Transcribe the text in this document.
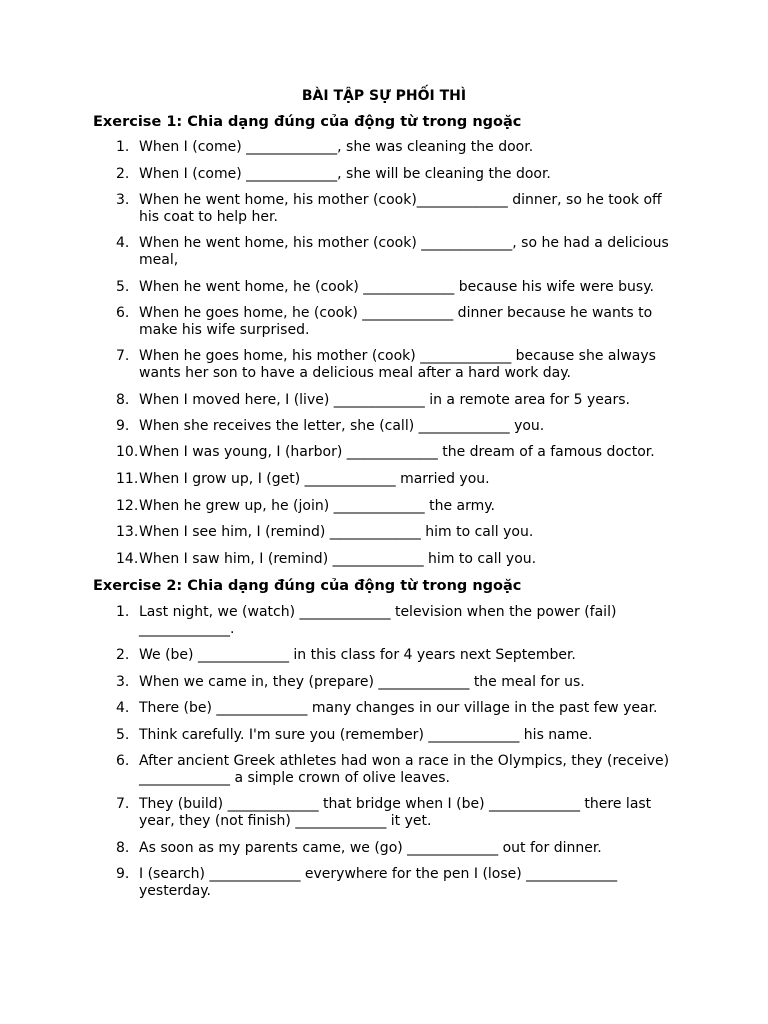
BÀI TẬP SỰ PHỐI THÌ
Exercise 1: Chia dạng đúng của động từ trong ngoặc
1. When I (come) _____________, she was cleaning the door.
2. When I (come) _____________, she will be cleaning the door.
3. When he went home, his mother (cook)_____________ dinner, so he took off his coat to help her.
4. When he went home, his mother (cook) _____________, so he had a delicious meal,
5. When he went home, he (cook) _____________ because his wife were busy.
6. When he goes home, he (cook) _____________ dinner because he wants to make his wife surprised.
7. When he goes home, his mother (cook) _____________ because she always wants her son to have a delicious meal after a hard work day.
8. When I moved here, I (live) _____________ in a remote area for 5 years.
9. When she receives the letter, she (call) _____________ you.
10. When I was young, I (harbor) _____________ the dream of a famous doctor.
11. When I grow up, I (get) _____________ married you.
12. When he grew up, he (join) _____________ the army.
13. When I see him, I (remind) _____________ him to call you.
14. When I saw him, I (remind) _____________ him to call you.
Exercise 2: Chia dạng đúng của động từ trong ngoặc
1. Last night, we (watch) _____________ television when the power (fail) _____________.
2. We (be) _____________ in this class for 4 years next September.
3. When we came in, they (prepare) _____________ the meal for us.
4. There (be) _____________ many changes in our village in the past few year.
5. Think carefully. I'm sure you (remember) _____________ his name.
6. After ancient Greek athletes had won a race in the Olympics, they (receive) _____________ a simple crown of olive leaves.
7. They (build) _____________ that bridge when I (be) _____________ there last year, they (not finish) _____________ it yet.
8. As soon as my parents came, we (go) _____________ out for dinner.
9. I (search) _____________ everywhere for the pen I (lose) _____________ yesterday.
